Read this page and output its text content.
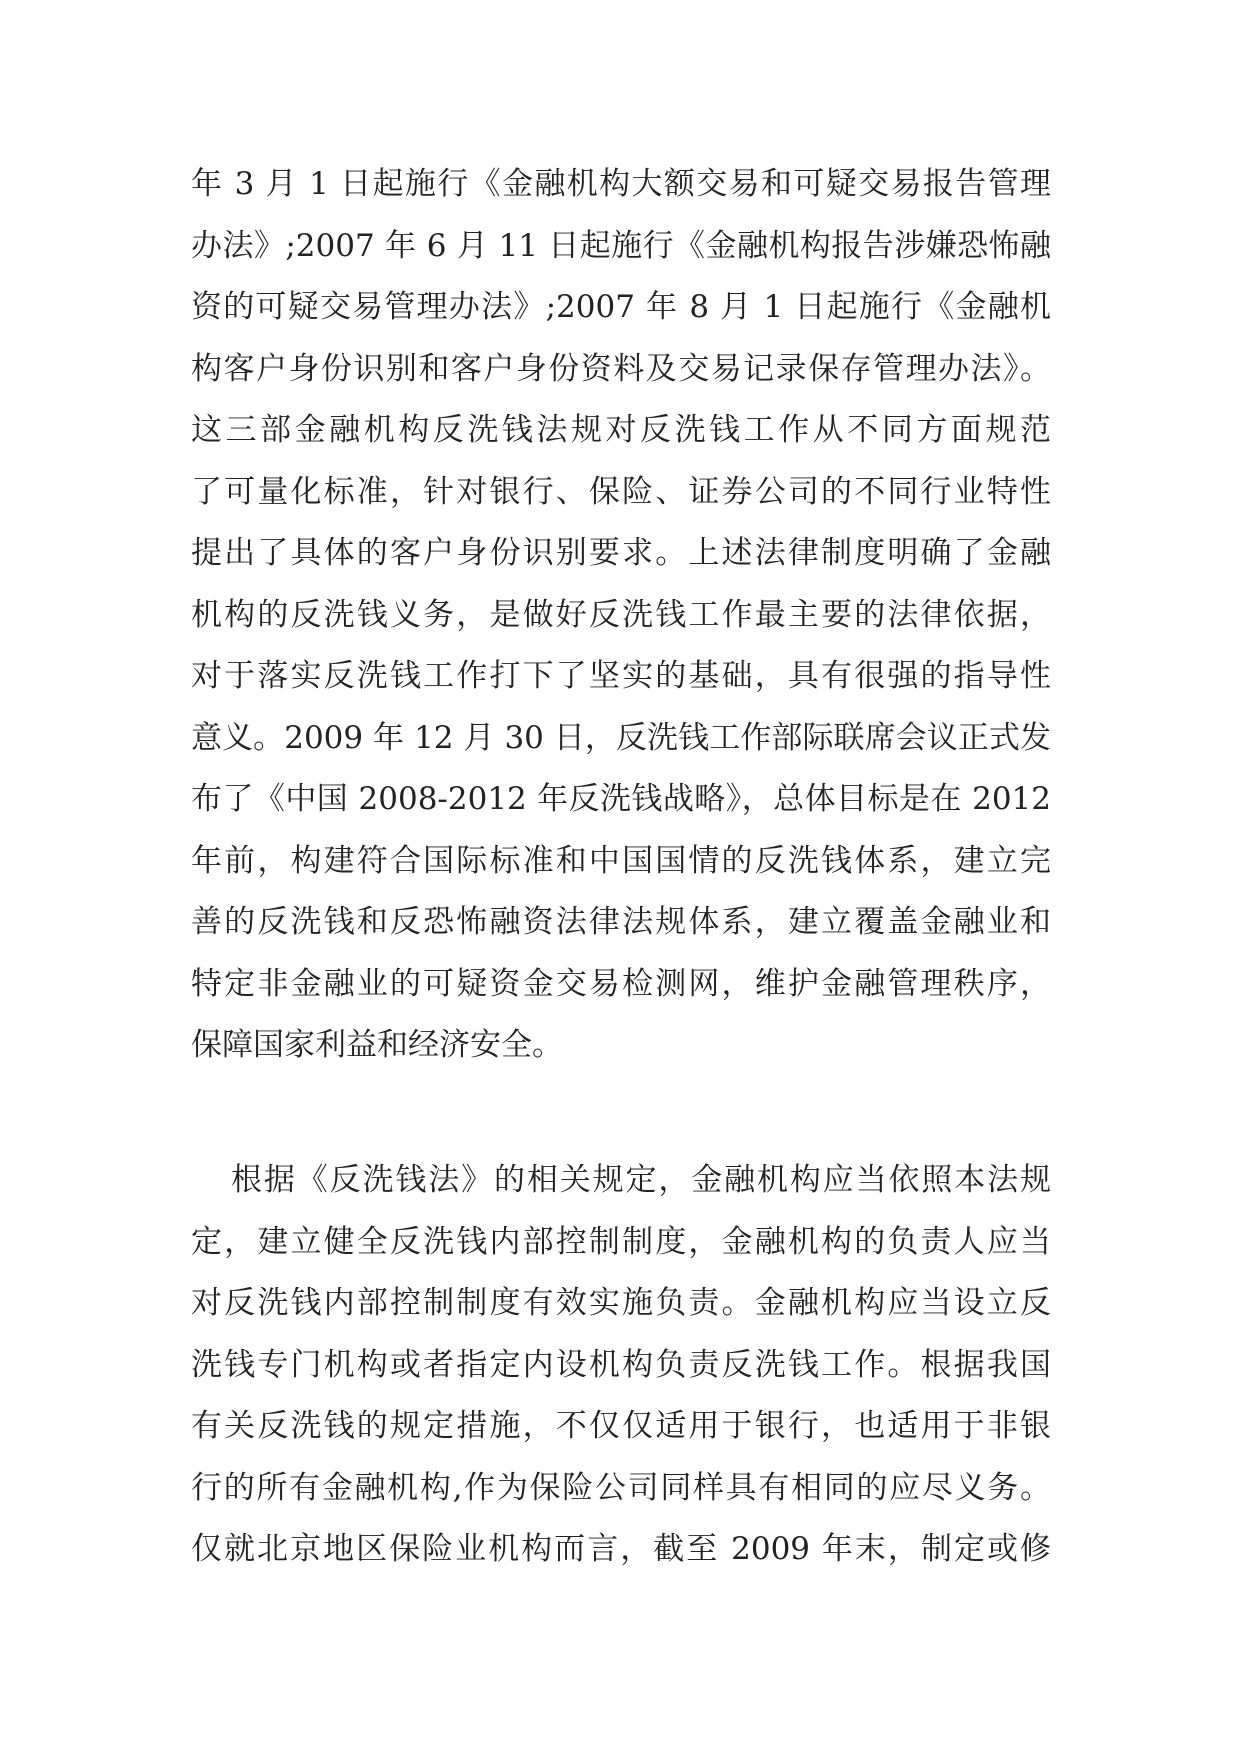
年 3 月 1 日起施行《金融机构大额交易和可疑交易报告管理
办法》;2007 年 6 月 11 日起施行《金融机构报告涉嫌恐怖融
资的可疑交易管理办法》;2007 年 8 月 1 日起施行《金融机
构客户身份识别和客户身份资料及交易记录保存管理办法》。
这三部金融机构反洗钱法规对反洗钱工作从不同方面规范
了可量化标准，针对银行、保险、证券公司的不同行业特性
提出了具体的客户身份识别要求。上述法律制度明确了金融
机构的反洗钱义务，是做好反洗钱工作最主要的法律依据，
对于落实反洗钱工作打下了坚实的基础，具有很强的指导性
意义。2009 年 12 月 30 日，反洗钱工作部际联席会议正式发
布了《中国 2008-2012 年反洗钱战略》，总体目标是在 2012
年前，构建符合国际标准和中国国情的反洗钱体系，建立完
善的反洗钱和反恐怖融资法律法规体系，建立覆盖金融业和
特定非金融业的可疑资金交易检测网，维护金融管理秩序，
保障国家利益和经济安全。
根据《反洗钱法》的相关规定，金融机构应当依照本法规
定，建立健全反洗钱内部控制制度，金融机构的负责人应当
对反洗钱内部控制制度有效实施负责。金融机构应当设立反
洗钱专门机构或者指定内设机构负责反洗钱工作。根据我国
有关反洗钱的规定措施，不仅仅适用于银行，也适用于非银
行的所有金融机构,作为保险公司同样具有相同的应尽义务。
仅就北京地区保险业机构而言，截至 2009 年末，制定或修
